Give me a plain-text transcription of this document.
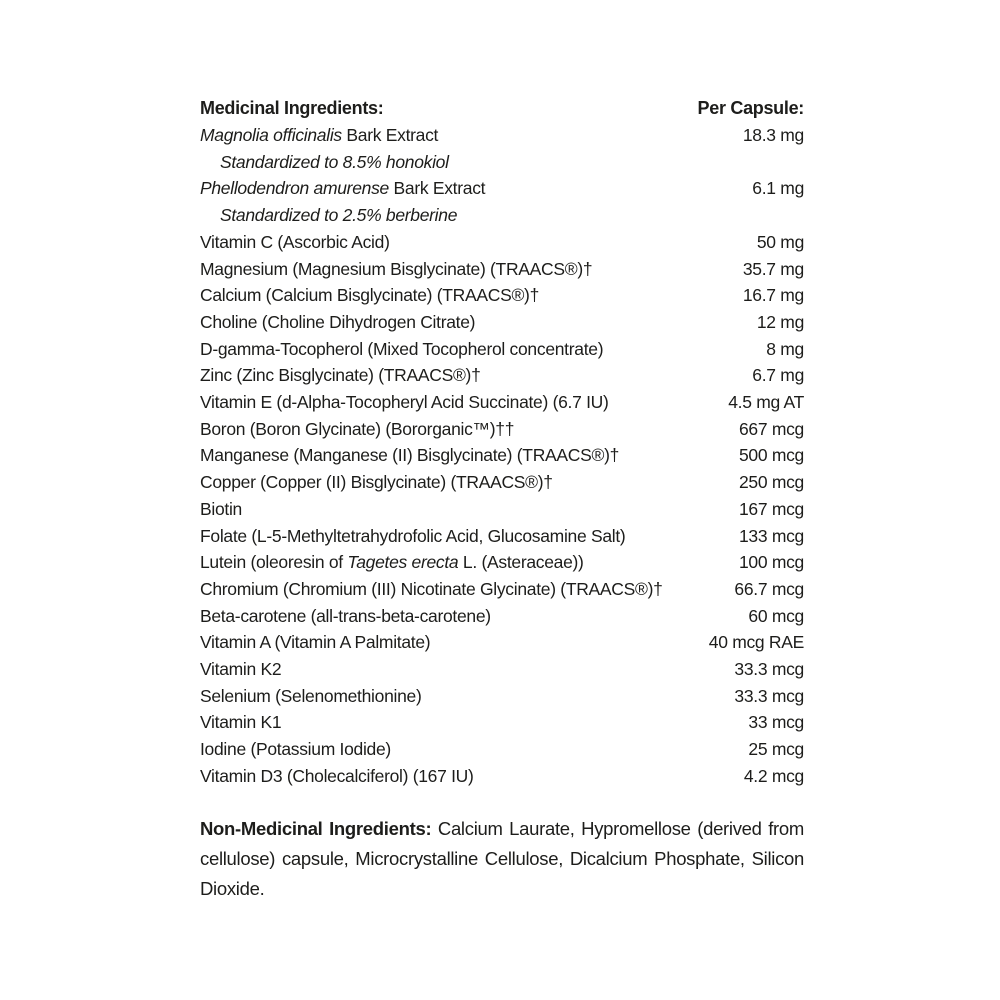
Medicinal Ingredients:	Per Capsule:
Magnolia officinalis Bark Extract	18.3 mg
Standardized to 8.5% honokiol
Phellodendron amurense Bark Extract	6.1 mg
Standardized to 2.5% berberine
Vitamin C (Ascorbic Acid)	50 mg
Magnesium (Magnesium Bisglycinate) (TRAACS®)†	35.7 mg
Calcium (Calcium Bisglycinate) (TRAACS®)†	16.7 mg
Choline (Choline Dihydrogen Citrate)	12 mg
D-gamma-Tocopherol (Mixed Tocopherol concentrate)	8 mg
Zinc (Zinc Bisglycinate) (TRAACS®)†	6.7 mg
Vitamin E (d-Alpha-Tocopheryl Acid Succinate) (6.7 IU)	4.5 mg AT
Boron (Boron Glycinate) (Bororganic™)††	667 mcg
Manganese (Manganese (II) Bisglycinate) (TRAACS®)†	500 mcg
Copper (Copper (II) Bisglycinate) (TRAACS®)†	250 mcg
Biotin	167 mcg
Folate (L-5-Methyltetrahydrofolic Acid, Glucosamine Salt)	133 mcg
Lutein (oleoresin of Tagetes erecta L. (Asteraceae))	100 mcg
Chromium (Chromium (III) Nicotinate Glycinate) (TRAACS®)†	66.7 mcg
Beta-carotene (all-trans-beta-carotene)	60 mcg
Vitamin A (Vitamin A Palmitate)	40 mcg RAE
Vitamin K2	33.3 mcg
Selenium (Selenomethionine)	33.3 mcg
Vitamin K1	33 mcg
Iodine (Potassium Iodide)	25 mcg
Vitamin D3 (Cholecalciferol) (167 IU)	4.2 mcg

Non-Medicinal Ingredients: Calcium Laurate, Hypromellose (derived from cellulose) capsule, Microcrystalline Cellulose, Dicalcium Phosphate, Silicon Dioxide.
